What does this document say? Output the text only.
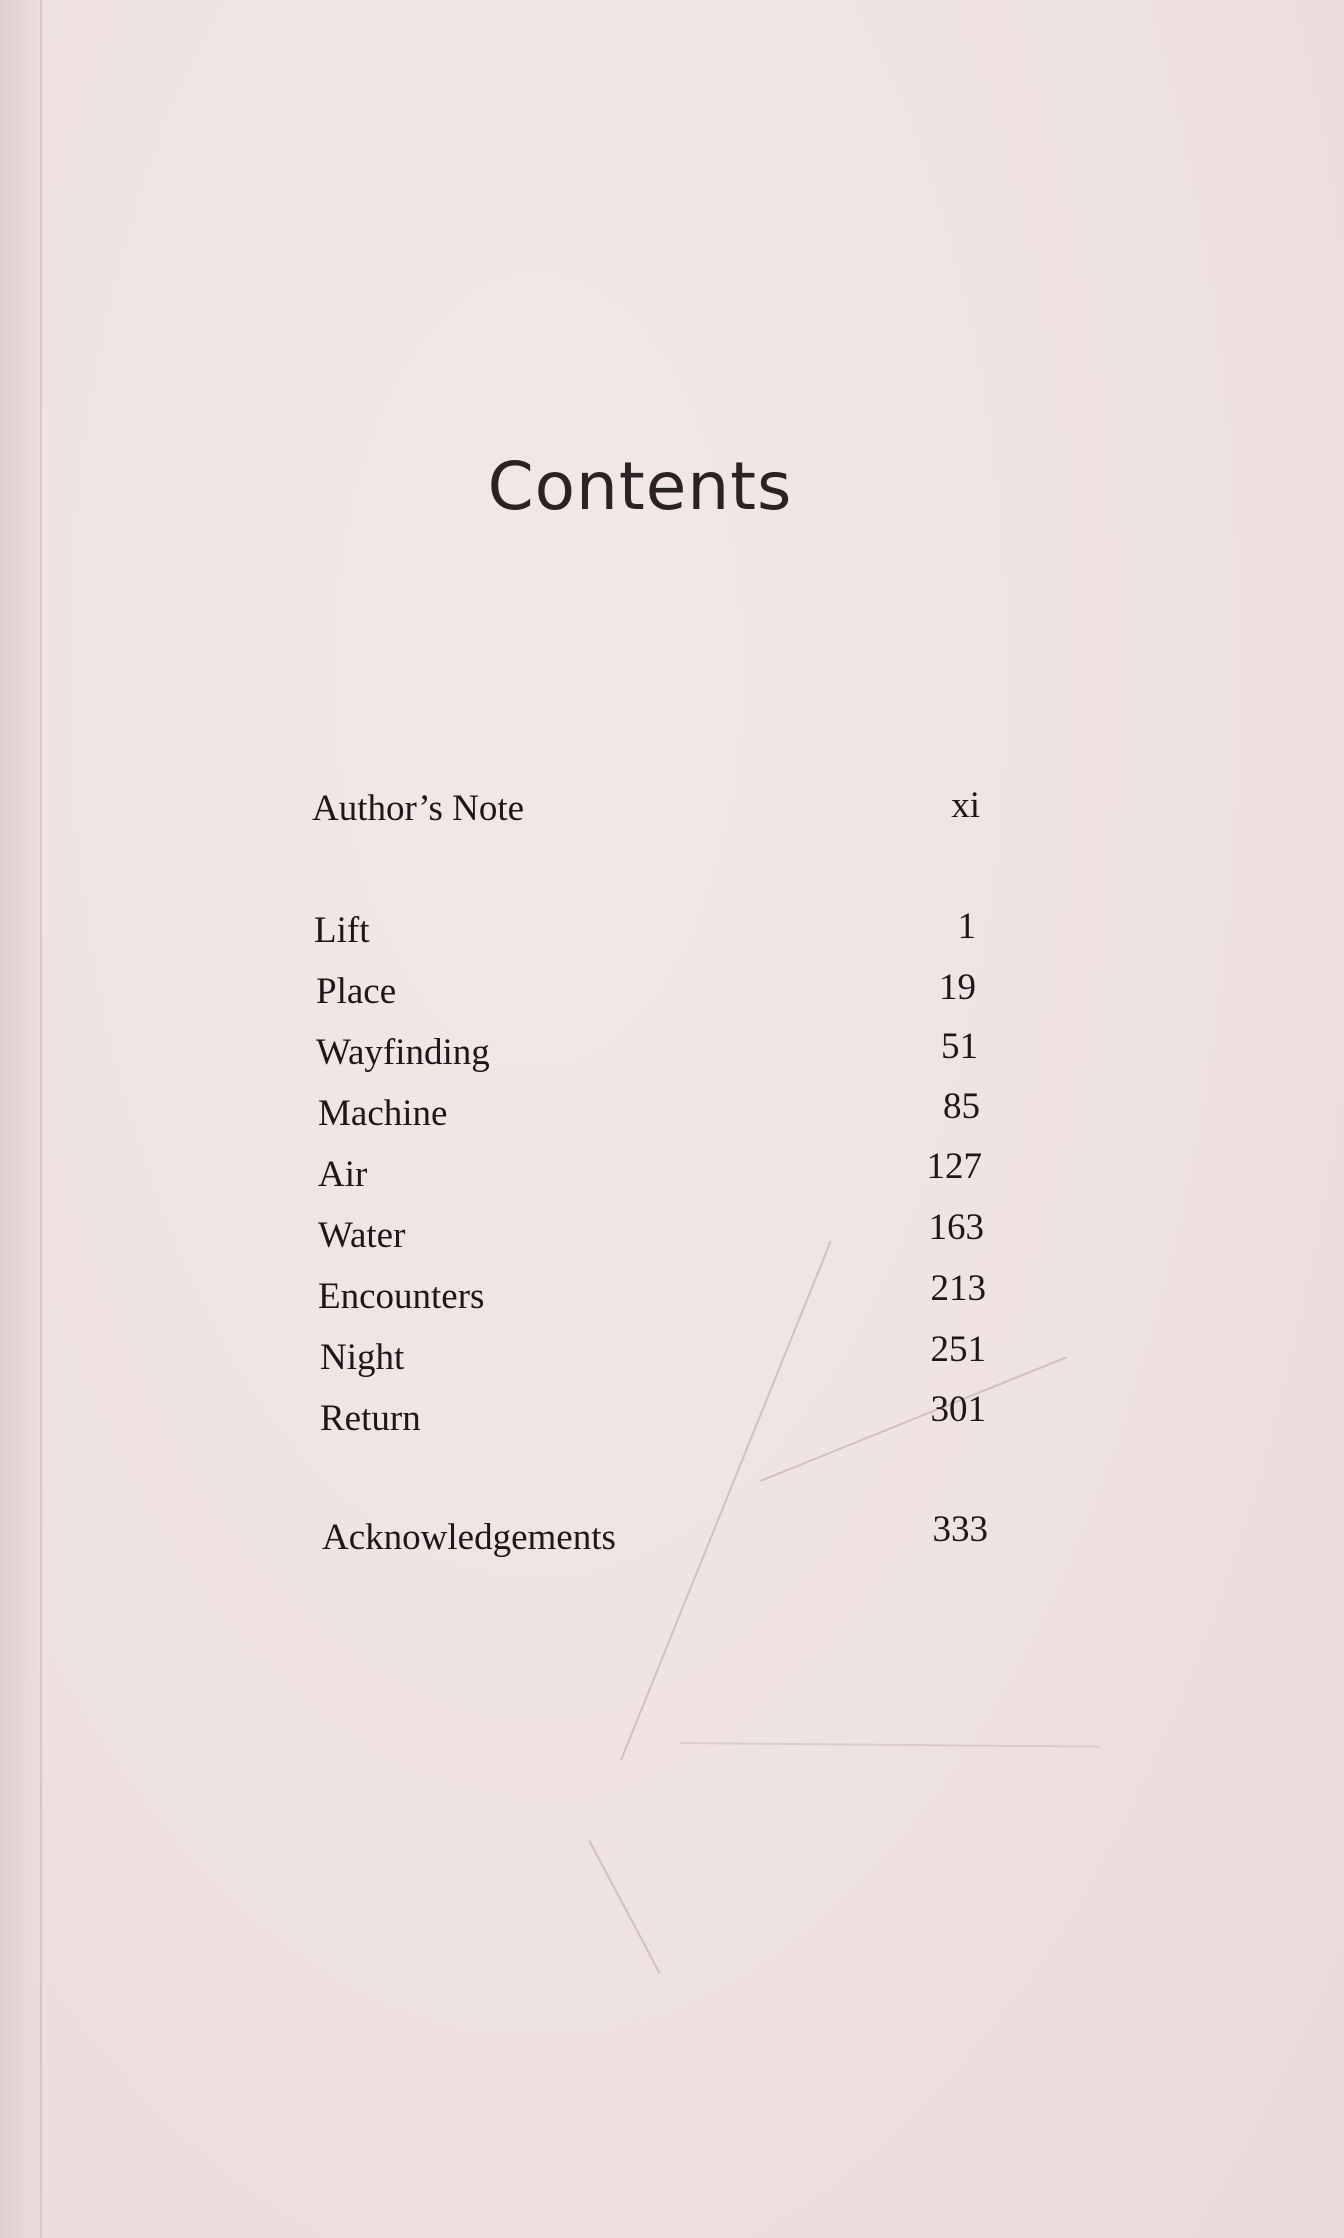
Contents
Author’s Note	xi
Lift	1
Place	19
Wayfinding	51
Machine	85
Air	127
Water	163
Encounters	213
Night	251
Return	301
Acknowledgements	333
